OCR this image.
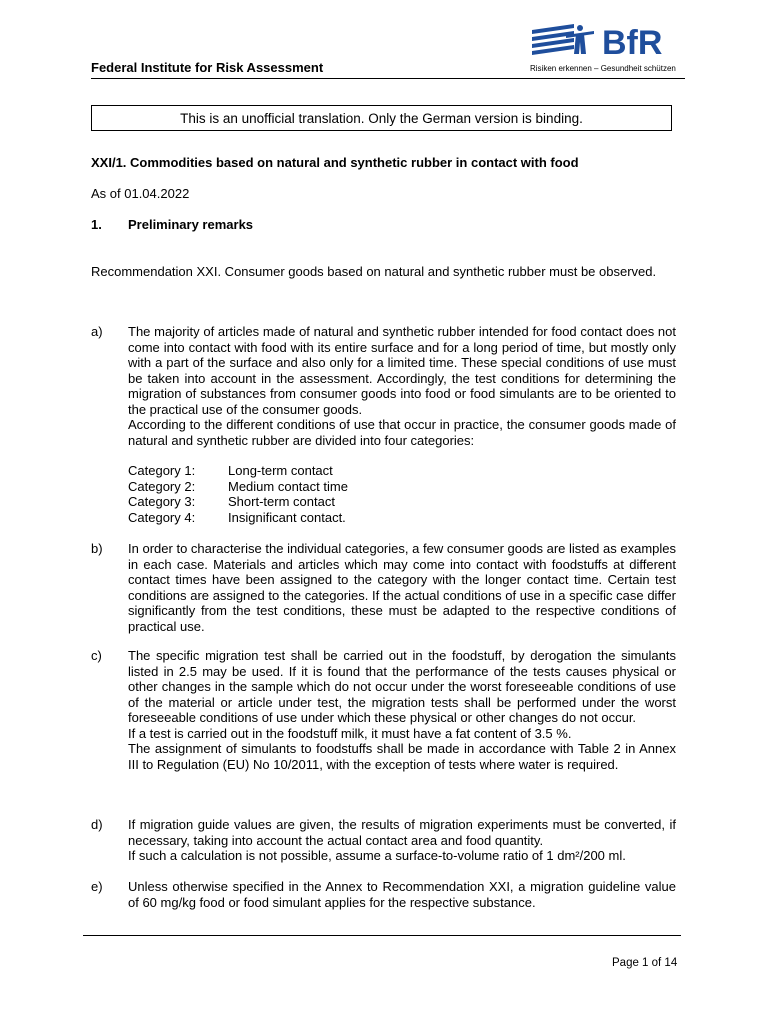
Federal Institute for Risk Assessment
BfR
Risiken erkennen – Gesundheit schützen
This is an unofficial translation. Only the German version is binding.
XXI/1. Commodities based on natural and synthetic rubber in contact with food
As of 01.04.2022
1. Preliminary remarks
Recommendation XXI. Consumer goods based on natural and synthetic rubber must be observed.
a) The majority of articles made of natural and synthetic rubber intended for food contact does not come into contact with food with its entire surface and for a long period of time, but mostly only with a part of the surface and also only for a limited time. These special conditions of use must be taken into account in the assessment. Accordingly, the test conditions for determining the migration of substances from consumer goods into food or food simulants are to be oriented to the practical use of the consumer goods.

According to the different conditions of use that occur in practice, the consumer goods made of natural and synthetic rubber are divided into four categories:

Category 1:	Long-term contact
Category 2:	Medium contact time
Category 3:	Short-term contact
Category 4:	Insignificant contact.
b) In order to characterise the individual categories, a few consumer goods are listed as examples in each case. Materials and articles which may come into contact with foodstuffs at different contact times have been assigned to the category with the longer contact time. Certain test conditions are assigned to the categories. If the actual conditions of use in a specific case differ significantly from the test conditions, these must be adapted to the respective conditions of practical use.

c) The specific migration test shall be carried out in the foodstuff, by derogation the simulants listed in 2.5 may be used. If it is found that the performance of the tests causes physical or other changes in the sample which do not occur under the worst foreseeable conditions of use of the material or article under test, the migration tests shall be performed under the worst foreseeable conditions of use under which these physical or other changes do not occur.

If a test is carried out in the foodstuff milk, it must have a fat content of 3.5 %.

The assignment of simulants to foodstuffs shall be made in accordance with Table 2 in Annex III to Regulation (EU) No 10/2011, with the exception of tests where water is required.

d) If migration guide values are given, the results of migration experiments must be converted, if necessary, taking into account the actual contact area and food quantity.

If such a calculation is not possible, assume a surface-to-volume ratio of 1 dm²/200 ml.

e) Unless otherwise specified in the Annex to Recommendation XXI, a migration guideline value of 60 mg/kg food or food simulant applies for the respective substance.

Page 1 of 14
